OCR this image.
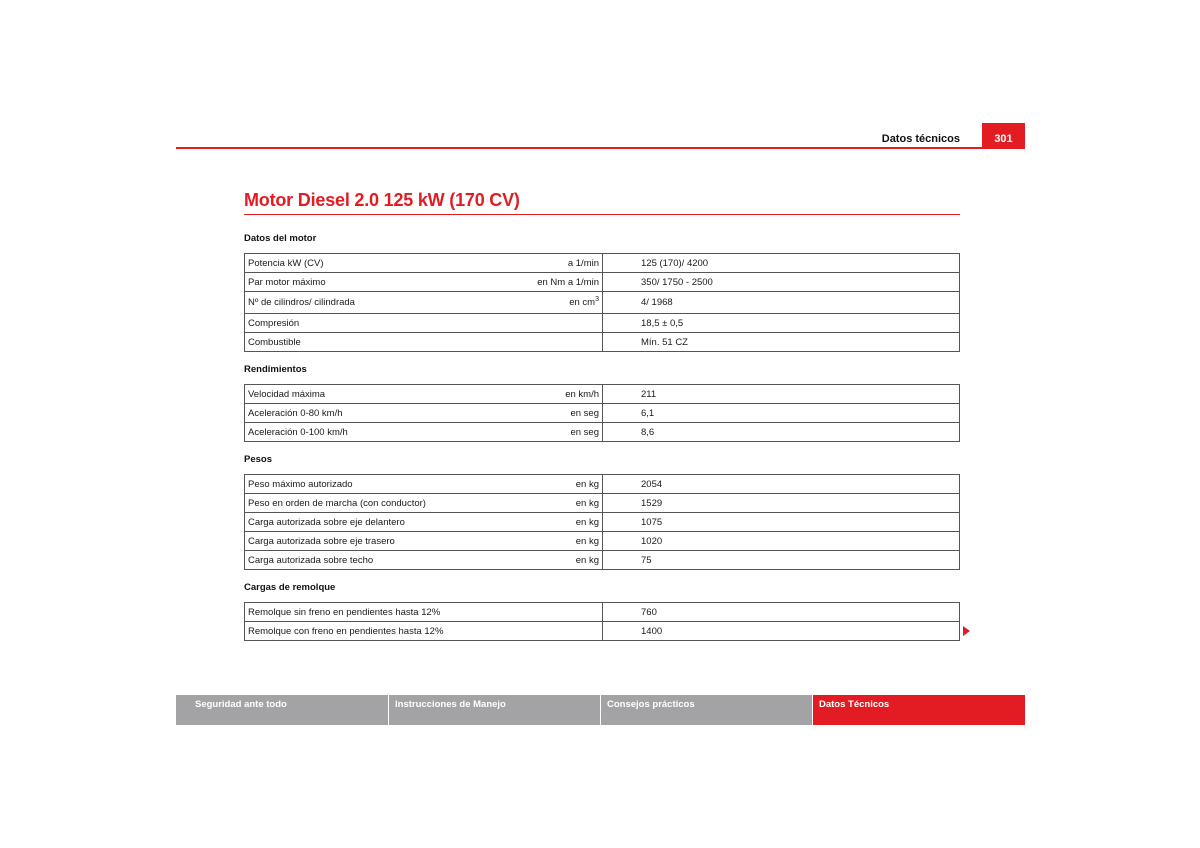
Datos técnicos	301
Motor Diesel 2.0 125 kW (170 CV)
Datos del motor
Potencia kW (CV) a 1/min	125 (170)/ 4200

Par motor máximo en Nm a 1/min	350/ 1750 - 2500

Nº de cilindros/ cilindrada en $cm^3$	4/ 1968

Compresión	18,5 ± 0,5

Combustible	Mín. 51 CZ
Rendimientos
Velocidad máxima en km/h	211

Aceleración 0-80 km/h en seg	6,1

Aceleración 0-100 km/h en seg	8,6
Pesos
Peso máximo autorizado en kg	2054

Peso en orden de marcha (con conductor) en kg	1529

Carga autorizada sobre eje delantero en kg	1075

Carga autorizada sobre eje trasero en kg	1020

Carga autorizada sobre techo en kg	75
Cargas de remolque
Remolque sin freno en pendientes hasta 12%	760

Remolque con freno en pendientes hasta 12%	1400
Seguridad ante todo	Instrucciones de Manejo	Consejos prácticos	Datos Técnicos
